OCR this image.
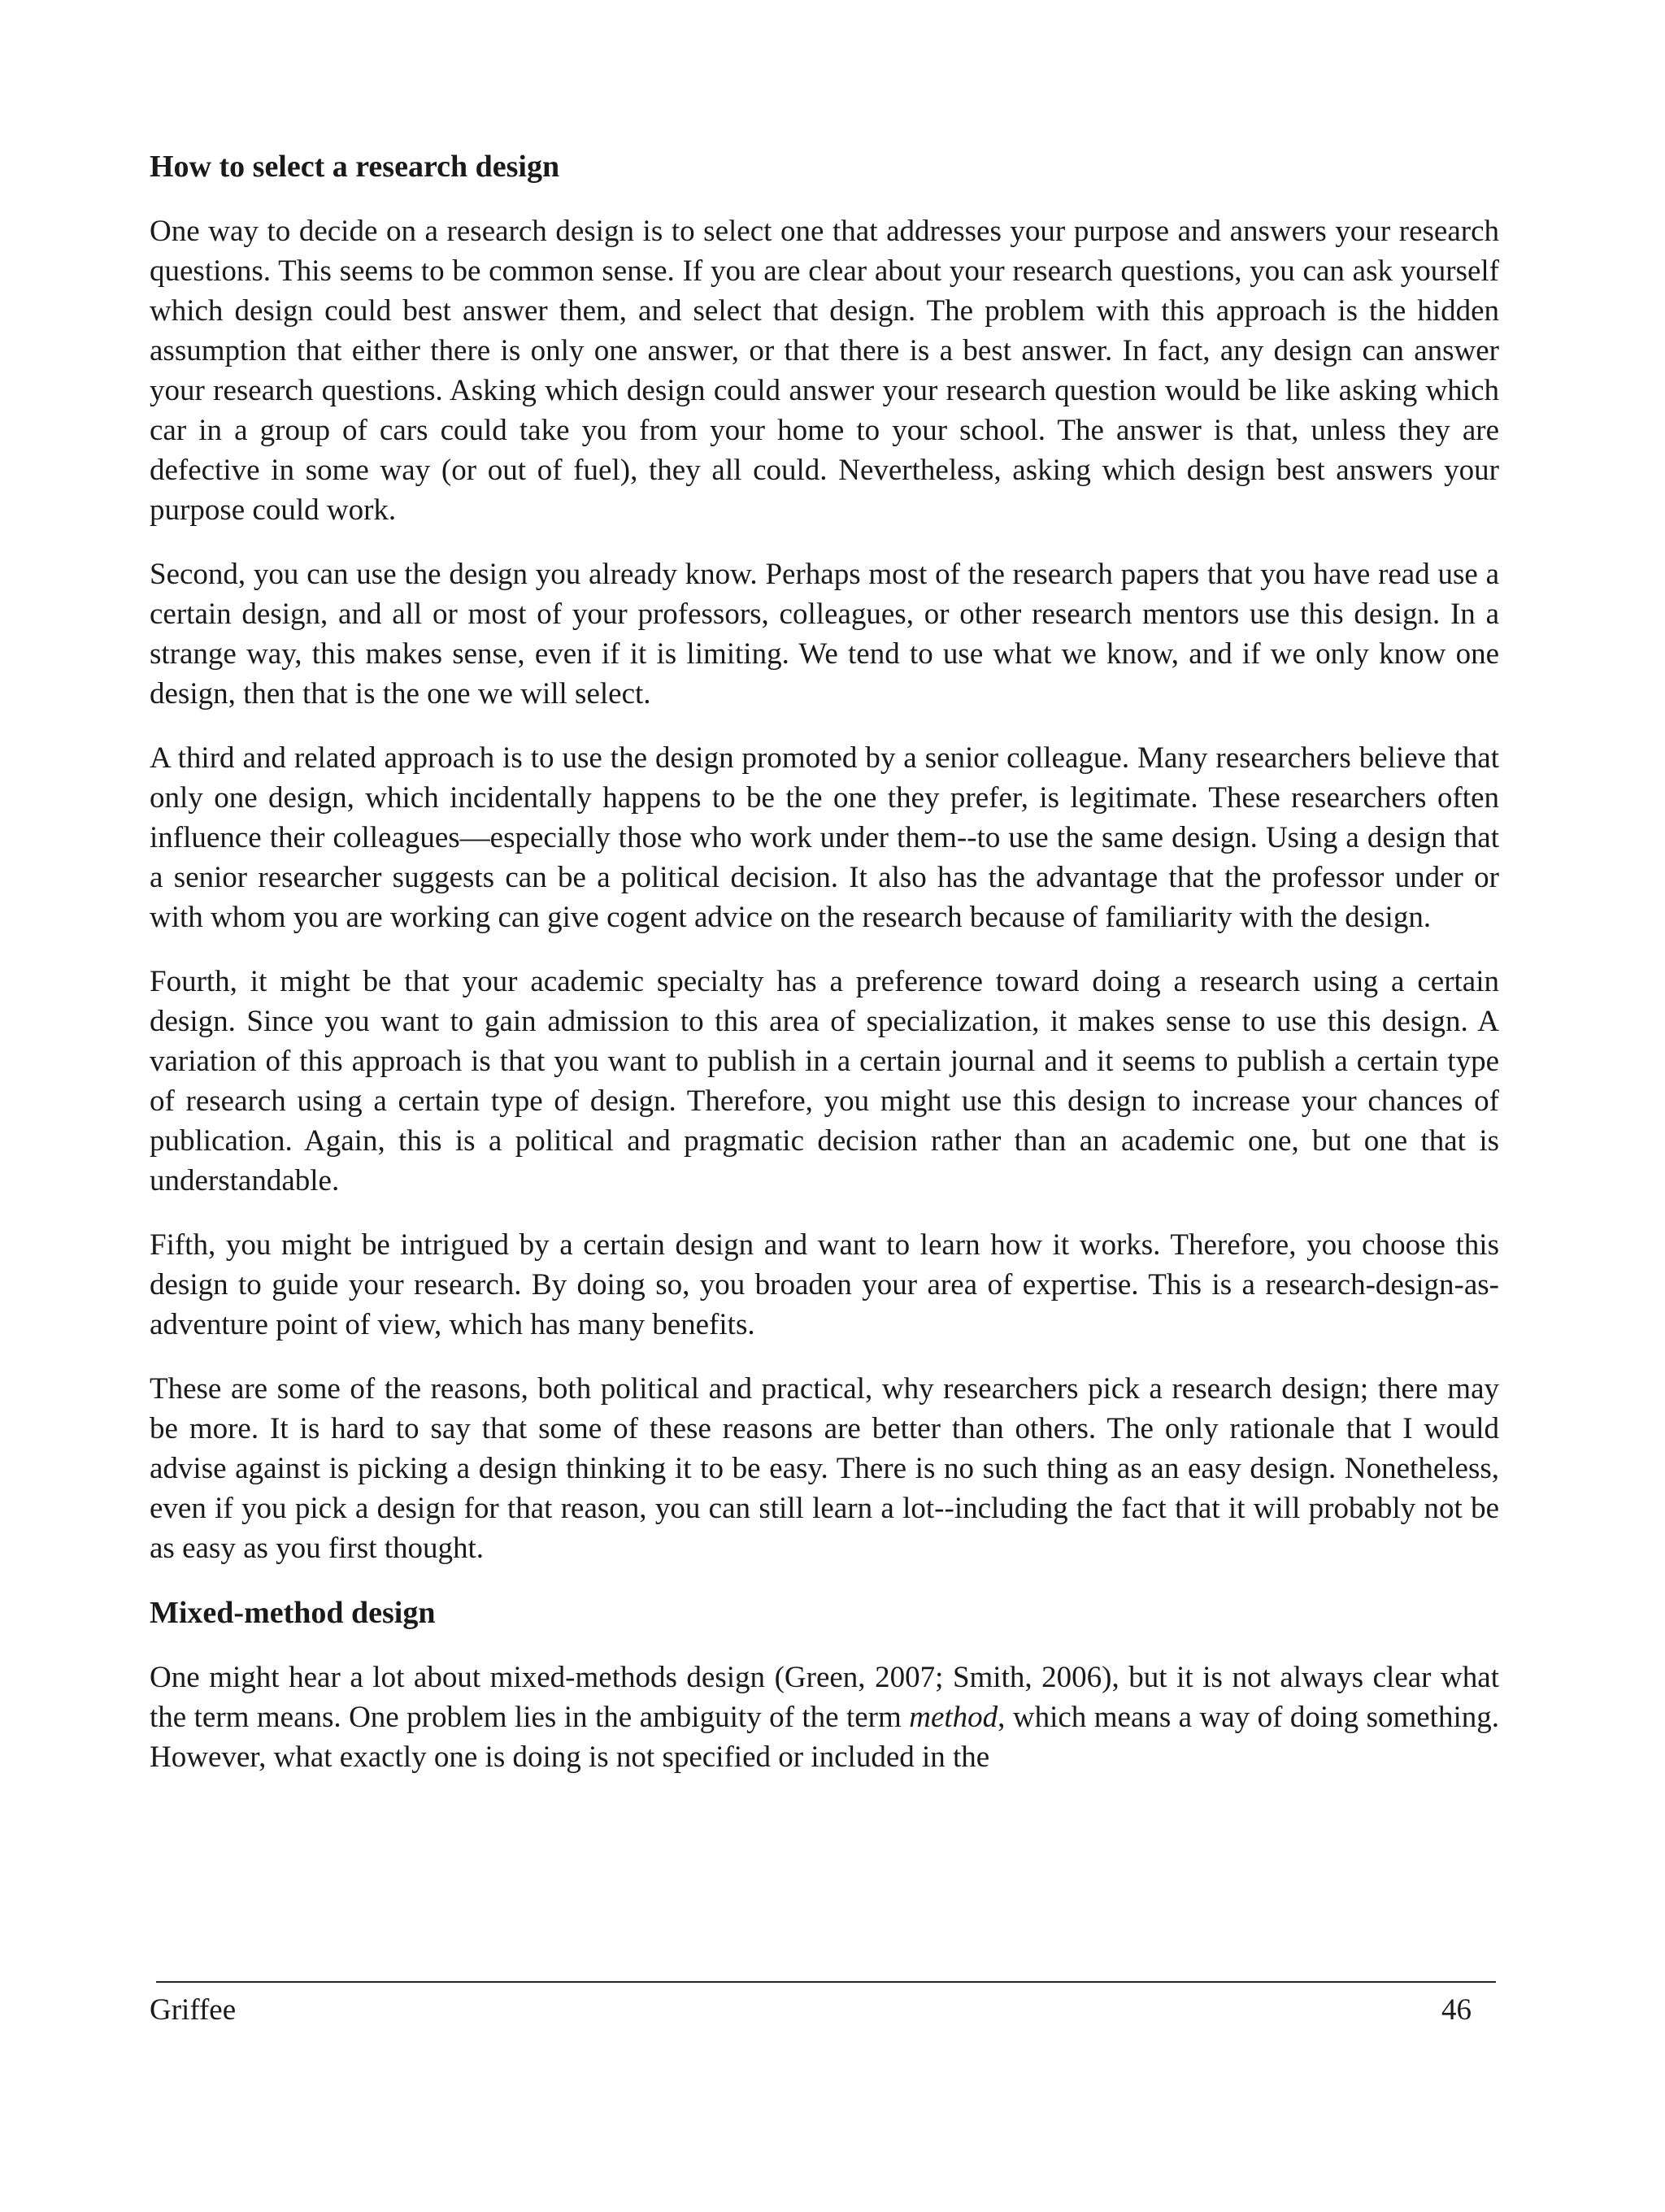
How to select a research design

One way to decide on a research design is to select one that addresses your purpose and answers your research questions. This seems to be common sense. If you are clear about your research questions, you can ask yourself which design could best answer them, and select that design. The problem with this approach is the hidden assumption that either there is only one answer, or that there is a best answer. In fact, any design can answer your research questions. Asking which design could answer your research question would be like asking which car in a group of cars could take you from your home to your school. The answer is that, unless they are defective in some way (or out of fuel), they all could. Nevertheless, asking which design best answers your purpose could work.

Second, you can use the design you already know. Perhaps most of the research papers that you have read use a certain design, and all or most of your professors, colleagues, or other research mentors use this design. In a strange way, this makes sense, even if it is limiting. We tend to use what we know, and if we only know one design, then that is the one we will select.

A third and related approach is to use the design promoted by a senior colleague. Many researchers believe that only one design, which incidentally happens to be the one they prefer, is legitimate. These researchers often influence their colleagues—especially those who work under them--to use the same design. Using a design that a senior researcher suggests can be a political decision. It also has the advantage that the professor under or with whom you are working can give cogent advice on the research because of familiarity with the design.

Fourth, it might be that your academic specialty has a preference toward doing a research using a certain design. Since you want to gain admission to this area of specialization, it makes sense to use this design. A variation of this approach is that you want to publish in a certain journal and it seems to publish a certain type of research using a certain type of design. Therefore, you might use this design to increase your chances of publication. Again, this is a political and pragmatic decision rather than an academic one, but one that is understandable.

Fifth, you might be intrigued by a certain design and want to learn how it works. Therefore, you choose this design to guide your research. By doing so, you broaden your area of expertise. This is a research-design-as-adventure point of view, which has many benefits.

These are some of the reasons, both political and practical, why researchers pick a research design; there may be more. It is hard to say that some of these reasons are better than others. The only rationale that I would advise against is picking a design thinking it to be easy. There is no such thing as an easy design. Nonetheless, even if you pick a design for that reason, you can still learn a lot--including the fact that it will probably not be as easy as you first thought.

Mixed-method design

One might hear a lot about mixed-methods design (Green, 2007; Smith, 2006), but it is not always clear what the term means. One problem lies in the ambiguity of the term method, which means a way of doing something. However, what exactly one is doing is not specified or included in the

Griffee	46
